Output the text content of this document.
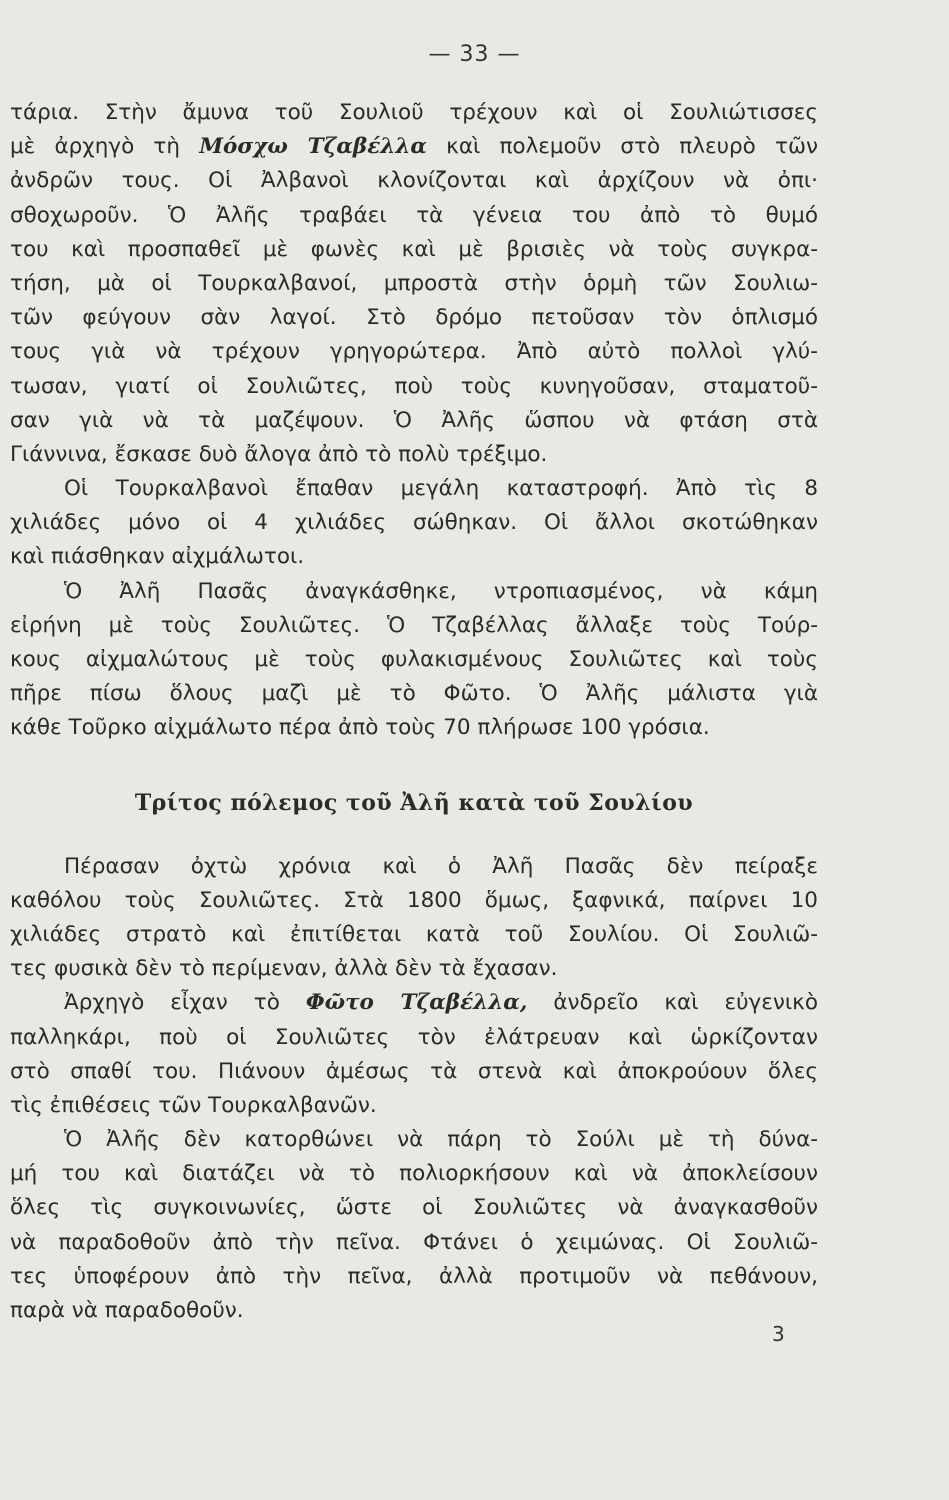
— 33 —
τάρια. Στὴν ἄμυνα τοῦ Σουλιοῦ τρέχουν καὶ οἱ Σουλιώτισσες
μὲ ἀρχηγὸ τὴ Μόσχω Τζαβέλλα καὶ πολεμοῦν στὸ πλευρὸ τῶν
ἀνδρῶν τους. Οἱ Ἀλβανοὶ κλονίζονται καὶ ἀρχίζουν νὰ ὀπι·
σθοχωροῦν. Ὁ Ἀλῆς τραβάει τὰ γένεια του ἀπὸ τὸ θυμό
του καὶ προσπαθεῖ μὲ φωνὲς καὶ μὲ βρισιὲς νὰ τοὺς συγκρα-
τήση, μὰ οἱ Τουρκαλβανοί, μπροστὰ στὴν ὁρμὴ τῶν Σουλιω-
τῶν φεύγουν σὰν λαγοί. Στὸ δρόμο πετοῦσαν τὸν ὁπλισμό
τους γιὰ νὰ τρέχουν γρηγορώτερα. Ἀπὸ αὐτὸ πολλοὶ γλύ-
τωσαν, γιατί οἱ Σουλιῶτες, ποὺ τοὺς κυνηγοῦσαν, σταματοῦ-
σαν γιὰ νὰ τὰ μαζέψουν. Ὁ Ἀλῆς ὥσπου νὰ φτάση στὰ
Γιάννινα, ἔσκασε δυὸ ἄλογα ἀπὸ τὸ πολὺ τρέξιμο.
Οἱ Τουρκαλβανοὶ ἔπαθαν μεγάλη καταστροφή. Ἀπὸ τὶς 8
χιλιάδες μόνο οἱ 4 χιλιάδες σώθηκαν. Οἱ ἄλλοι σκοτώθηκαν
καὶ πιάσθηκαν αἰχμάλωτοι.
Ὁ Ἀλῆ Πασᾶς ἀναγκάσθηκε, ντροπιασμένος, νὰ κάμη
εἰρήνη μὲ τοὺς Σουλιῶτες. Ὁ Τζαβέλλας ἄλλαξε τοὺς Τούρ-
κους αἰχμαλώτους μὲ τοὺς φυλακισμένους Σουλιῶτες καὶ τοὺς
πῆρε πίσω ὅλους μαζὶ μὲ τὸ Φῶτο. Ὁ Ἀλῆς μάλιστα γιὰ
κάθε Τοῦρκο αἰχμάλωτο πέρα ἀπὸ τοὺς 70 πλήρωσε 100 γρόσια.
Τρίτος πόλεμος τοῦ Ἀλῆ κατὰ τοῦ Σουλίου
Πέρασαν ὀχτὼ χρόνια καὶ ὁ Ἀλῆ Πασᾶς δὲν πείραξε
καθόλου τοὺς Σουλιῶτες. Στὰ 1800 ὅμως, ξαφνικά, παίρνει 10
χιλιάδες στρατὸ καὶ ἐπιτίθεται κατὰ τοῦ Σουλίου. Οἱ Σουλιῶ-
τες φυσικὰ δὲν τὸ περίμεναν, ἀλλὰ δὲν τὰ ἔχασαν.
Ἀρχηγὸ εἶχαν τὸ Φῶτο Τζαβέλλα, ἀνδρεῖο καὶ εὐγενικὸ
παλληκάρι, ποὺ οἱ Σουλιῶτες τὸν ἐλάτρευαν καὶ ὡρκίζονταν
στὸ σπαθί του. Πιάνουν ἀμέσως τὰ στενὰ καὶ ἀποκρούουν ὅλες
τὶς ἐπιθέσεις τῶν Τουρκαλβανῶν.
Ὁ Ἀλῆς δὲν κατορθώνει νὰ πάρη τὸ Σούλι μὲ τὴ δύνα-
μή του καὶ διατάζει νὰ τὸ πολιορκήσουν καὶ νὰ ἀποκλείσουν
ὅλες τὶς συγκοινωνίες, ὥστε οἱ Σουλιῶτες νὰ ἀναγκασθοῦν
νὰ παραδοθοῦν ἀπὸ τὴν πεῖνα. Φτάνει ὁ χειμώνας. Οἱ Σουλιῶ-
τες ὑποφέρουν ἀπὸ τὴν πεῖνα, ἀλλὰ προτιμοῦν νὰ πεθάνουν,
παρὰ νὰ παραδοθοῦν.
3
